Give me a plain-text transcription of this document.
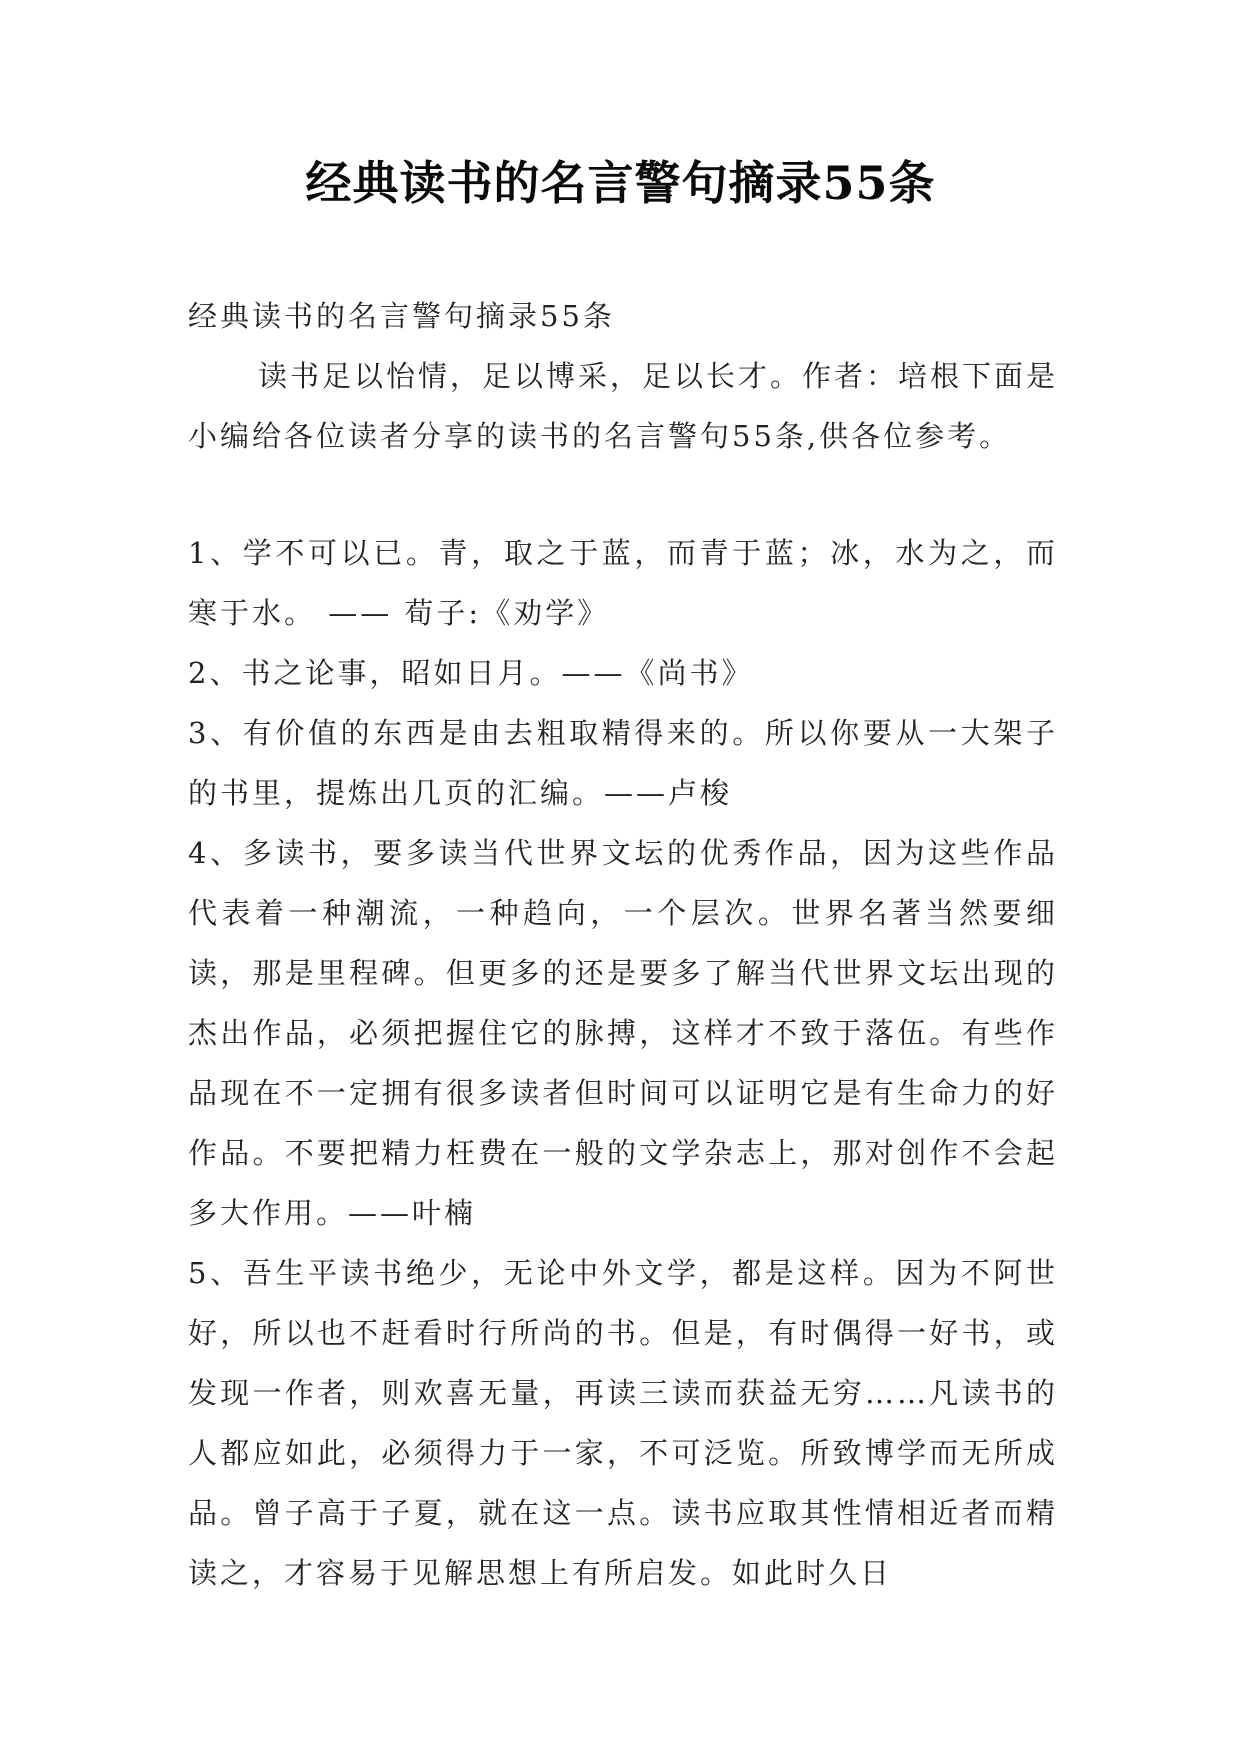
经典读书的名言警句摘录55条

经典读书的名言警句摘录55条

读书足以怡情，足以博采，足以长才。作者：培根下面是小编给各位读者分享的读书的名言警句55条,供各位参考。

1、学不可以已。青，取之于蓝，而青于蓝；冰，水为之，而寒于水。 —— 荀子:《劝学》

2、书之论事，昭如日月。——《尚书》

3、有价值的东西是由去粗取精得来的。所以你要从一大架子的书里，提炼出几页的汇编。——卢梭

4、多读书，要多读当代世界文坛的优秀作品，因为这些作品代表着一种潮流，一种趋向，一个层次。世界名著当然要细读，那是里程碑。但更多的还是要多了解当代世界文坛出现的杰出作品，必须把握住它的脉搏，这样才不致于落伍。有些作品现在不一定拥有很多读者但时间可以证明它是有生命力的好作品。不要把精力枉费在一般的文学杂志上，那对创作不会起多大作用。——叶楠

5、吾生平读书绝少，无论中外文学，都是这样。因为不阿世好，所以也不赶看时行所尚的书。但是，有时偶得一好书，或发现一作者，则欢喜无量，再读三读而获益无穷……凡读书的人都应如此，必须得力于一家，不可泛览。所致博学而无所成品。曾子高于子夏，就在这一点。读书应取其性情相近者而精读之，才容易于见解思想上有所启发。如此时久日
